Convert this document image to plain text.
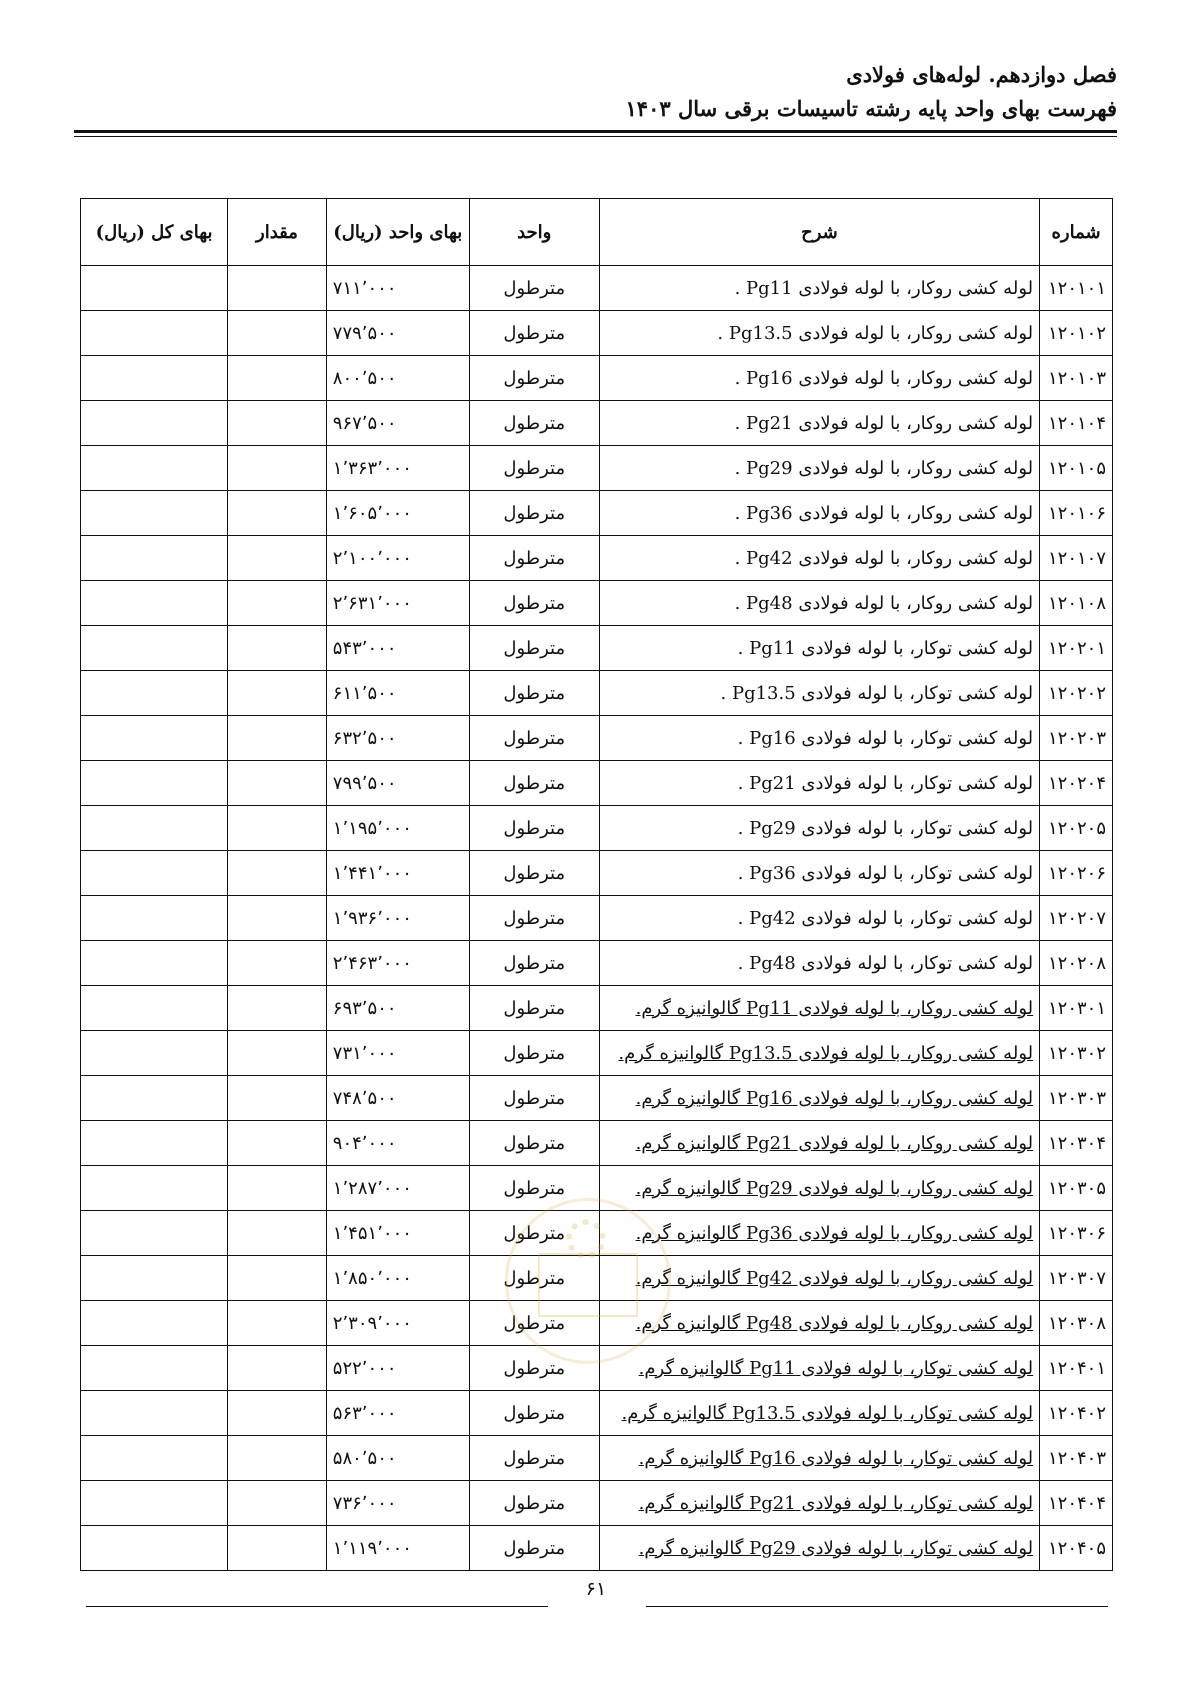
فصل دوازدهم. لوله‌های فولادی
فهرست بهای واحد پایه رشته تاسیسات برقی سال ۱۴۰۳
شماره	شرح	واحد	بهای واحد (ریال)	مقدار	بهای کل (ریال)
۱۲۰۱۰۱	لوله کشی روکار، با لوله فولادی Pg11 .	مترطول	۷۱۱٬۰۰۰		
۱۲۰۱۰۲	لوله کشی روکار، با لوله فولادی Pg13.5 .	مترطول	۷۷۹٬۵۰۰		
۱۲۰۱۰۳	لوله کشی روکار، با لوله فولادی Pg16 .	مترطول	۸۰۰٬۵۰۰		
۱۲۰۱۰۴	لوله کشی روکار، با لوله فولادی Pg21 .	مترطول	۹۶۷٬۵۰۰		
۱۲۰۱۰۵	لوله کشی روکار، با لوله فولادی Pg29 .	مترطول	۱٬۳۶۳٬۰۰۰		
۱۲۰۱۰۶	لوله کشی روکار، با لوله فولادی Pg36 .	مترطول	۱٬۶۰۵٬۰۰۰		
۱۲۰۱۰۷	لوله کشی روکار، با لوله فولادی Pg42 .	مترطول	۲٬۱۰۰٬۰۰۰		
۱۲۰۱۰۸	لوله کشی روکار، با لوله فولادی Pg48 .	مترطول	۲٬۶۳۱٬۰۰۰		
۱۲۰۲۰۱	لوله کشی توکار، با لوله فولادی Pg11 .	مترطول	۵۴۳٬۰۰۰		
۱۲۰۲۰۲	لوله کشی توکار، با لوله فولادی Pg13.5 .	مترطول	۶۱۱٬۵۰۰		
۱۲۰۲۰۳	لوله کشی توکار، با لوله فولادی Pg16 .	مترطول	۶۳۲٬۵۰۰		
۱۲۰۲۰۴	لوله کشی توکار، با لوله فولادی Pg21 .	مترطول	۷۹۹٬۵۰۰		
۱۲۰۲۰۵	لوله کشی توکار، با لوله فولادی Pg29 .	مترطول	۱٬۱۹۵٬۰۰۰		
۱۲۰۲۰۶	لوله کشی توکار، با لوله فولادی Pg36 .	مترطول	۱٬۴۴۱٬۰۰۰		
۱۲۰۲۰۷	لوله کشی توکار، با لوله فولادی Pg42 .	مترطول	۱٬۹۳۶٬۰۰۰		
۱۲۰۲۰۸	لوله کشی توکار، با لوله فولادی Pg48 .	مترطول	۲٬۴۶۳٬۰۰۰		
۱۲۰۳۰۱	لوله کشی روکار، با لوله فولادی Pg11 گالوانیزه گرم.	مترطول	۶۹۳٬۵۰۰		
۱۲۰۳۰۲	لوله کشی روکار، با لوله فولادی Pg13.5 گالوانیزه گرم.	مترطول	۷۳۱٬۰۰۰		
۱۲۰۳۰۳	لوله کشی روکار، با لوله فولادی Pg16 گالوانیزه گرم.	مترطول	۷۴۸٬۵۰۰		
۱۲۰۳۰۴	لوله کشی روکار، با لوله فولادی Pg21 گالوانیزه گرم.	مترطول	۹۰۴٬۰۰۰		
۱۲۰۳۰۵	لوله کشی روکار، با لوله فولادی Pg29 گالوانیزه گرم.	مترطول	۱٬۲۸۷٬۰۰۰		
۱۲۰۳۰۶	لوله کشی روکار، با لوله فولادی Pg36 گالوانیزه گرم.	مترطول	۱٬۴۵۱٬۰۰۰		
۱۲۰۳۰۷	لوله کشی روکار، با لوله فولادی Pg42 گالوانیزه گرم.	مترطول	۱٬۸۵۰٬۰۰۰		
۱۲۰۳۰۸	لوله کشی روکار، با لوله فولادی Pg48 گالوانیزه گرم.	مترطول	۲٬۳۰۹٬۰۰۰		
۱۲۰۴۰۱	لوله کشی توکار، با لوله فولادی Pg11 گالوانیزه گرم.	مترطول	۵۲۲٬۰۰۰		
۱۲۰۴۰۲	لوله کشی توکار، با لوله فولادی Pg13.5 گالوانیزه گرم.	مترطول	۵۶۳٬۰۰۰		
۱۲۰۴۰۳	لوله کشی توکار، با لوله فولادی Pg16 گالوانیزه گرم.	مترطول	۵۸۰٬۵۰۰		
۱۲۰۴۰۴	لوله کشی توکار، با لوله فولادی Pg21 گالوانیزه گرم.	مترطول	۷۳۶٬۰۰۰		
۱۲۰۴۰۵	لوله کشی توکار، با لوله فولادی Pg29 گالوانیزه گرم.	مترطول	۱٬۱۱۹٬۰۰۰		
۶۱
